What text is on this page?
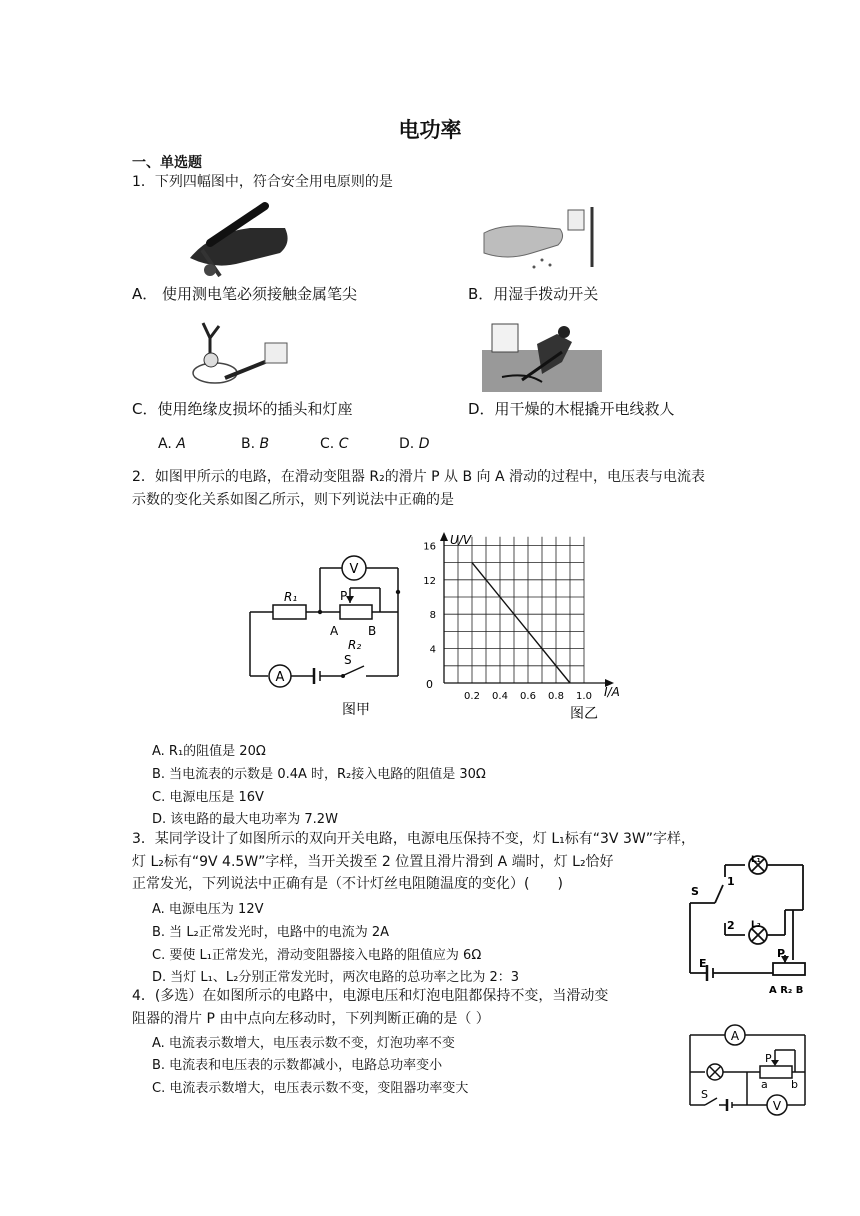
电功率
一、单选题
1．下列四幅图中，符合安全用电原则的是
A． 使用测电笔必须接触金属笔尖	B．用湿手拨动开关
C．使用绝缘皮损坏的插头和灯座	D．用干燥的木棍撬开电线救人
A. A	B. B	C. C	D. D
2．如图甲所示的电路，在滑动变阻器 R₂的滑片 P 从 B 向 A 滑动的过程中，电压表与电流表
示数的变化关系如图乙所示，则下列说法中正确的是
V
A
R₁	P
A B
R₂
S
图甲
0.2 0.4 0.6 0.8 1.0
4
8
12
16
图乙
U/V
I/A
0
A. R₁的阻值是 20Ω
B. 当电流表的示数是 0.4A 时，R₂接入电路的阻值是 30Ω
C. 电源电压是 16V
D. 该电路的最大电功率为 7.2W
3．某同学设计了如图所示的双向开关电路，电源电压保持不变，灯 L₁标有“3V 3W”字样，
灯 L₂标有“9V 4.5W”字样，当开关拨至 2 位置且滑片滑到 A 端时，灯 L₂恰好
正常发光，下列说法中正确有是（不计灯丝电阻随温度的变化）(　　)
A. 电源电压为 12V
B. 当 L₂正常发光时，电路中的电流为 2A
C. 要使 L₁正常发光，滑动变阻器接入电路的阻值应为 6Ω
D. 当灯 L₁、L₂分别正常发光时，两次电路的总功率之比为 2：3
L₁
L₂
S
1
2
E
P
A R₂ B
4．(多选）在如图所示的电路中，电源电压和灯泡电阻都保持不变，当滑动变
阻器的滑片 P 由中点向左移动时，下列判断正确的是（ ）
A. 电流表示数增大，电压表示数不变，灯泡功率不变
B. 电流表和电压表的示数都减小，电路总功率变小
C. 电流表示数增大，电压表示数不变，变阻器功率变大
A
V
P
a b
S
